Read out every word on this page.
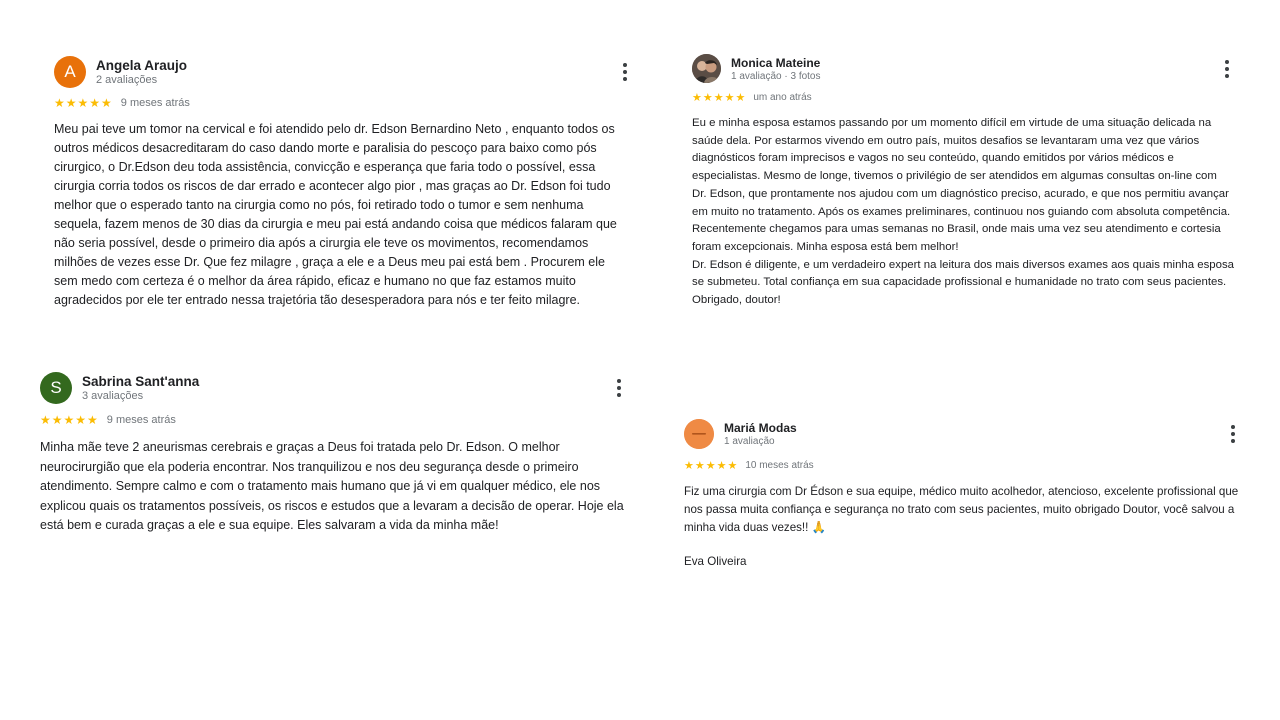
A	Angela Araujo
2 avaliações
★★★★★ 9 meses atrás
Meu pai teve um tomor na cervical e foi atendido pelo dr. Edson Bernardino Neto , enquanto todos os outros médicos desacreditaram do caso dando morte e paralisia do pescoço para baixo como pós cirurgico, o Dr.Edson deu toda assistência, convicção e esperança que faria todo o possível, essa cirurgia corria todos os riscos de dar errado e acontecer algo pior , mas graças ao Dr. Edson foi tudo melhor que o esperado tanto na cirurgia como no pós, foi retirado todo o tumor e sem nenhuma sequela, fazem menos de 30 dias da cirurgia e meu pai está andando coisa que médicos falaram que não seria possível, desde o primeiro dia após a cirurgia ele teve os movimentos, recomendamos milhões de vezes esse Dr. Que fez milagre , graça a ele e a Deus meu pai está bem . Procurem ele sem medo com certeza é o melhor da área rápido, eficaz e humano no que faz estamos muito agradecidos por ele ter entrado nessa trajetória tão desesperadora para nós e ter feito milagre.
S	Sabrina Sant'anna
3 avaliações
★★★★★ 9 meses atrás
Minha mãe teve 2 aneurismas cerebrais e graças a Deus foi tratada pelo Dr. Edson. O melhor neurocirurgião que ela poderia encontrar. Nos tranquilizou e nos deu segurança desde o primeiro atendimento. Sempre calmo e com o tratamento mais humano que já vi em qualquer médico, ele nos explicou quais os tratamentos possíveis, os riscos e estudos que a levaram a decisão de operar. Hoje ela está bem e curada graças a ele e sua equipe. Eles salvaram a vida da minha mãe!
Monica Mateine
1 avaliação · 3 fotos
★★★★★ um ano atrás
Eu e minha esposa estamos passando por um momento difícil em virtude de uma situação delicada na saúde dela. Por estarmos vivendo em outro país, muitos desafios se levantaram uma vez que vários diagnósticos foram imprecisos e vagos no seu conteúdo, quando emitidos por vários médicos e especialistas. Mesmo de longe, tivemos o privilégio de ser atendidos em algumas consultas on-line com Dr. Edson, que prontamente nos ajudou com um diagnóstico preciso, acurado, e que nos permitiu avançar em muito no tratamento. Após os exames preliminares, continuou nos guiando com absoluta competência.
Recentemente chegamos para umas semanas no Brasil, onde mais uma vez seu atendimento e cortesia foram excepcionais. Minha esposa está bem melhor!
Dr. Edson é diligente, e um verdadeiro expert na leitura dos mais diversos exames aos quais minha esposa se submeteu. Total confiança em sua capacidade profissional e humanidade no trato com seus pacientes.
Obrigado, doutor!
Mariá Modas
1 avaliação
★★★★★ 10 meses atrás
Fiz uma cirurgia com Dr Édson e sua equipe, médico muito acolhedor, atencioso, excelente profissional que nos passa muita confiança e segurança no trato com seus pacientes, muito obrigado Doutor, você salvou a minha vida duas vezes!! 🙏
Eva Oliveira
